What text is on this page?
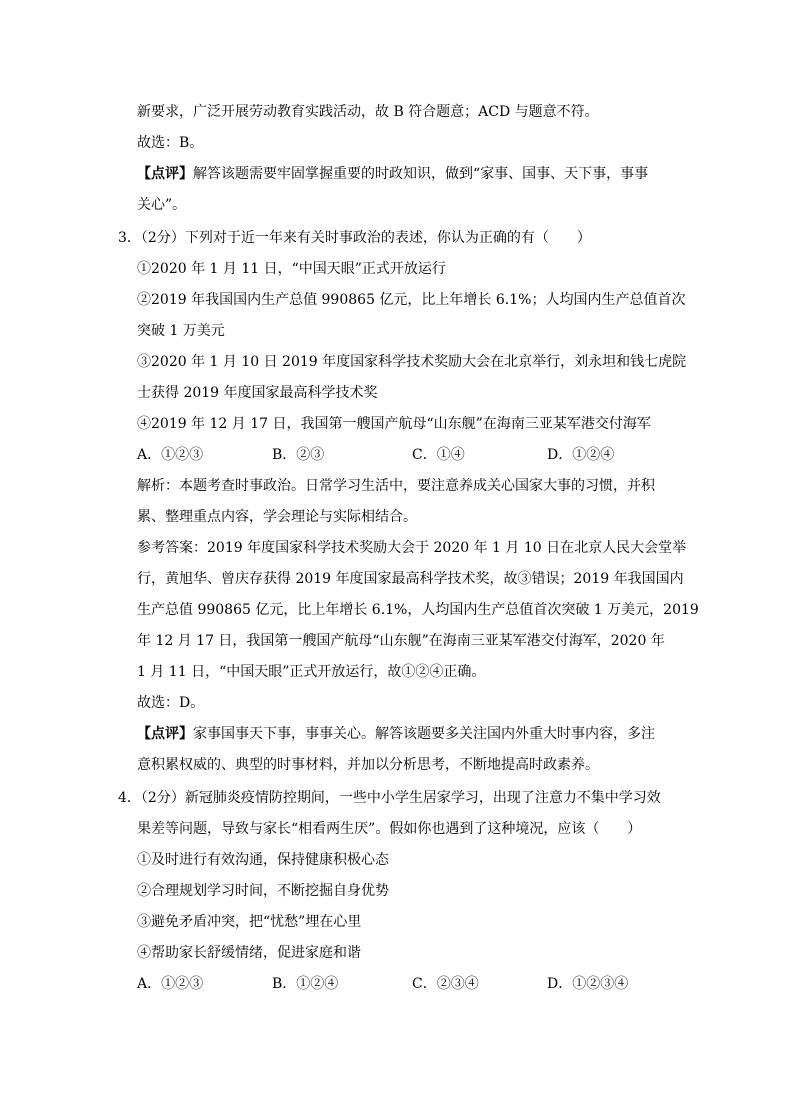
新要求，广泛开展劳动教育实践活动，故 B 符合题意；ACD 与题意不符。
故选：B。
【点评】解答该题需要牢固掌握重要的时政知识，做到“家事、国事、天下事，事事
关心”。
3．（2分）下列对于近一年来有关时事政治的表述，你认为正确的有（　　）
①2020 年 1 月 11 日，“中国天眼”正式开放运行
②2019 年我国国内生产总值 990865 亿元，比上年增长 6.1%；人均国内生产总值首次
突破 1 万美元
③2020 年 1 月 10 日 2019 年度国家科学技术奖励大会在北京举行，刘永坦和钱七虎院
士获得 2019 年度国家最高科学技术奖
④2019 年 12 月 17 日，我国第一艘国产航母“山东舰”在海南三亚某军港交付海军
A．①②③	B．②③	C．①④	D．①②④
解析：本题考查时事政治。日常学习生活中，要注意养成关心国家大事的习惯，并积
累、整理重点内容，学会理论与实际相结合。
参考答案：2019 年度国家科学技术奖励大会于 2020 年 1 月 10 日在北京人民大会堂举
行，黄旭华、曾庆存获得 2019 年度国家最高科学技术奖，故③错误；2019 年我国国内
生产总值 990865 亿元，比上年增长 6.1%，人均国内生产总值首次突破 1 万美元，2019
年 12 月 17 日，我国第一艘国产航母“山东舰”在海南三亚某军港交付海军，2020 年
1 月 11 日，“中国天眼”正式开放运行，故①②④正确。
故选：D。
【点评】家事国事天下事，事事关心。解答该题要多关注国内外重大时事内容，多注
意积累权威的、典型的时事材料，并加以分析思考，不断地提高时政素养。
4．（2分）新冠肺炎疫情防控期间，一些中小学生居家学习，出现了注意力不集中学习效
果差等问题，导致与家长“相看两生厌”。假如你也遇到了这种境况，应该（　　）
①及时进行有效沟通，保持健康积极心态
②合理规划学习时间，不断挖掘自身优势
③避免矛盾冲突，把“忧愁”埋在心里
④帮助家长舒缓情绪，促进家庭和谐
A．①②③	B．①②④	C．②③④	D．①②③④
